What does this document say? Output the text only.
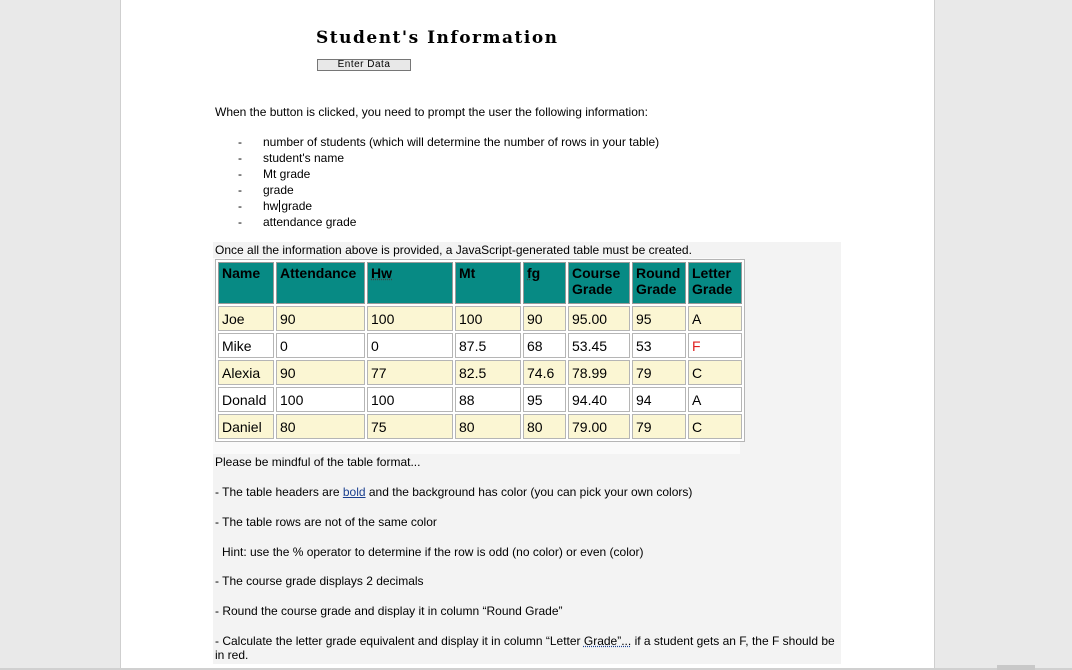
Student's Information
Enter Data
When the button is clicked, you need to prompt the user the following information:
- number of students (which will determine the number of rows in your table)
- student's name
- Mt grade
- grade
- hw grade
- attendance grade
Once all the information above is provided, a JavaScript-generated table must be created.
Name	Attendance	Hw	Mt	fg	Course Grade	Round Grade	Letter Grade
Joe	90	100	100	90	95.00	95	A
Mike	0	0	87.5	68	53.45	53	F
Alexia	90	77	82.5	74.6	78.99	79	C
Donald	100	100	88	95	94.40	94	A
Daniel	80	75	80	80	79.00	79	C
Please be mindful of the table format...
- The table headers are bold and the background has color (you can pick your own colors)
- The table rows are not of the same color
Hint: use the % operator to determine if the row is odd (no color) or even (color)
- The course grade displays 2 decimals
- Round the course grade and display it in column “Round Grade”
- Calculate the letter grade equivalent and display it in column “Letter Grade”... if a student gets an F, the F should be
in red.
